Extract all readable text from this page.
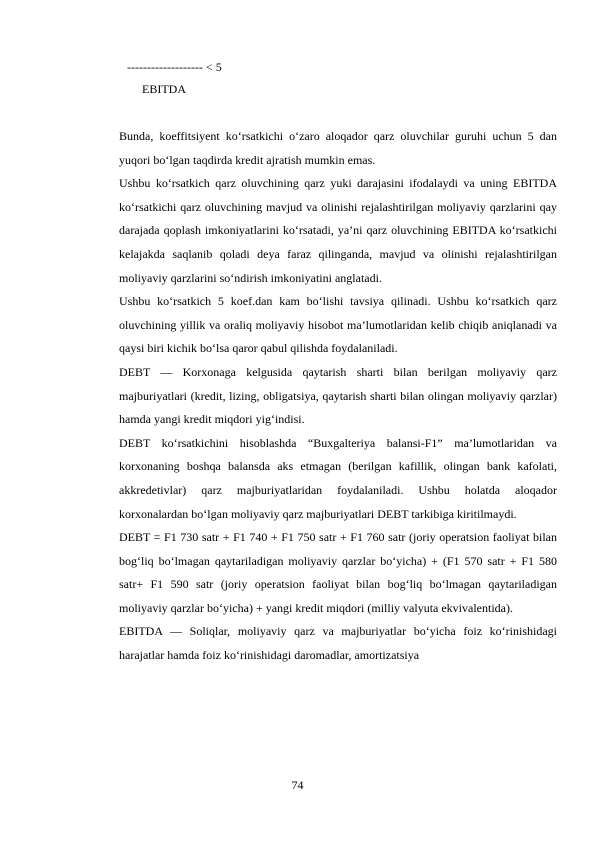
------------------- < 5
EBITDA

Bunda, koeffitsiyent ko‘rsatkichi o‘zaro aloqador qarz oluvchilar guruhi uchun 5 dan yuqori bo‘lgan taqdirda kredit ajratish mumkin emas.

Ushbu ko‘rsatkich qarz oluvchining qarz yuki darajasini ifodalaydi va uning EBITDA ko‘rsatkichi qarz oluvchining mavjud va olinishi rejalashtirilgan moliyaviy qarzlarini qay darajada qoplash imkoniyatlarini ko‘rsatadi, ya’ni qarz oluvchining EBITDA ko‘rsatkichi kelajakda saqlanib qoladi deya faraz qilinganda, mavjud va olinishi rejalashtirilgan moliyaviy qarzlarini so‘ndirish imkoniyatini anglatadi.

Ushbu ko‘rsatkich 5 koef.dan kam bo‘lishi tavsiya qilinadi. Ushbu ko‘rsatkich qarz oluvchining yillik va oraliq moliyaviy hisobot ma’lumotlaridan kelib chiqib aniqlanadi va qaysi biri kichik bo‘lsa qaror qabul qilishda foydalaniladi.

DEBT — Korxonaga kelgusida qaytarish sharti bilan berilgan moliyaviy qarz majburiyatlari (kredit, lizing, obligatsiya, qaytarish sharti bilan olingan moliyaviy qarzlar) hamda yangi kredit miqdori yig‘indisi.

DEBT ko‘rsatkichini hisoblashda “Buxgalteriya balansi-F1” ma’lumotlaridan va korxonaning boshqa balansda aks etmagan (berilgan kafillik, olingan bank kafolati, akkredetivlar) qarz majburiyatlaridan foydalaniladi. Ushbu holatda aloqador korxonalardan bo‘lgan moliyaviy qarz majburiyatlari DEBT tarkibiga kiritilmaydi.

DEBT = F1 730 satr + F1 740 + F1 750 satr + F1 760 satr (joriy operatsion faoliyat bilan bog‘liq bo‘lmagan qaytariladigan moliyaviy qarzlar bo‘yicha) + (F1 570 satr + F1 580 satr+ F1 590 satr (joriy operatsion faoliyat bilan bog‘liq bo‘lmagan qaytariladigan moliyaviy qarzlar bo‘yicha) + yangi kredit miqdori (milliy valyuta ekvivalentida).

EBITDA — Soliqlar, moliyaviy qarz va majburiyatlar bo‘yicha foiz ko‘rinishidagi harajatlar hamda foiz ko‘rinishidagi daromadlar, amortizatsiya

74
